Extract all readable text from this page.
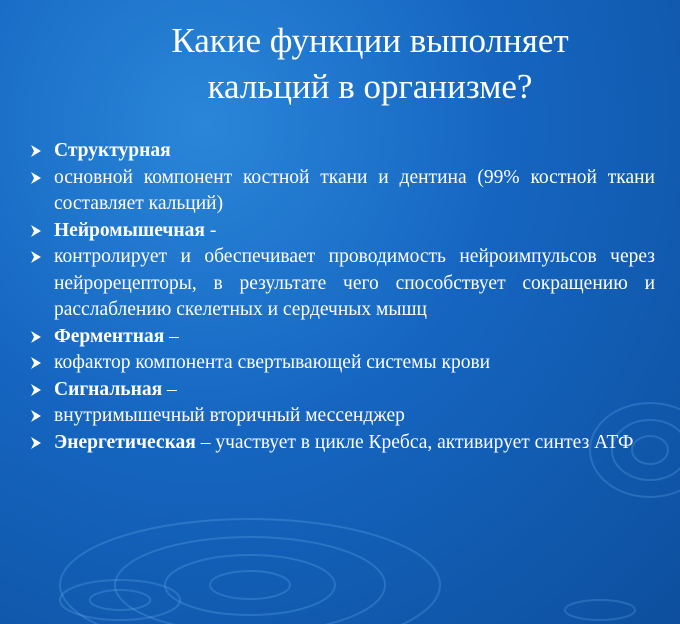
Какие функции выполняет
кальций в организме?
Структурная
основной компонент костной ткани и дентина (99% костной ткани составляет кальций)
Нейромышечная -
контролирует и обеспечивает проводимость нейроимпульсов через нейрорецепторы, в результате чего способствует сокращению и расслаблению скелетных и сердечных мышц
Ферментная –
кофактор компонента свертывающей системы крови
Сигнальная –
внутримышечный вторичный мессенджер
Энергетическая – участвует в цикле Кребса, активирует синтез АТФ
